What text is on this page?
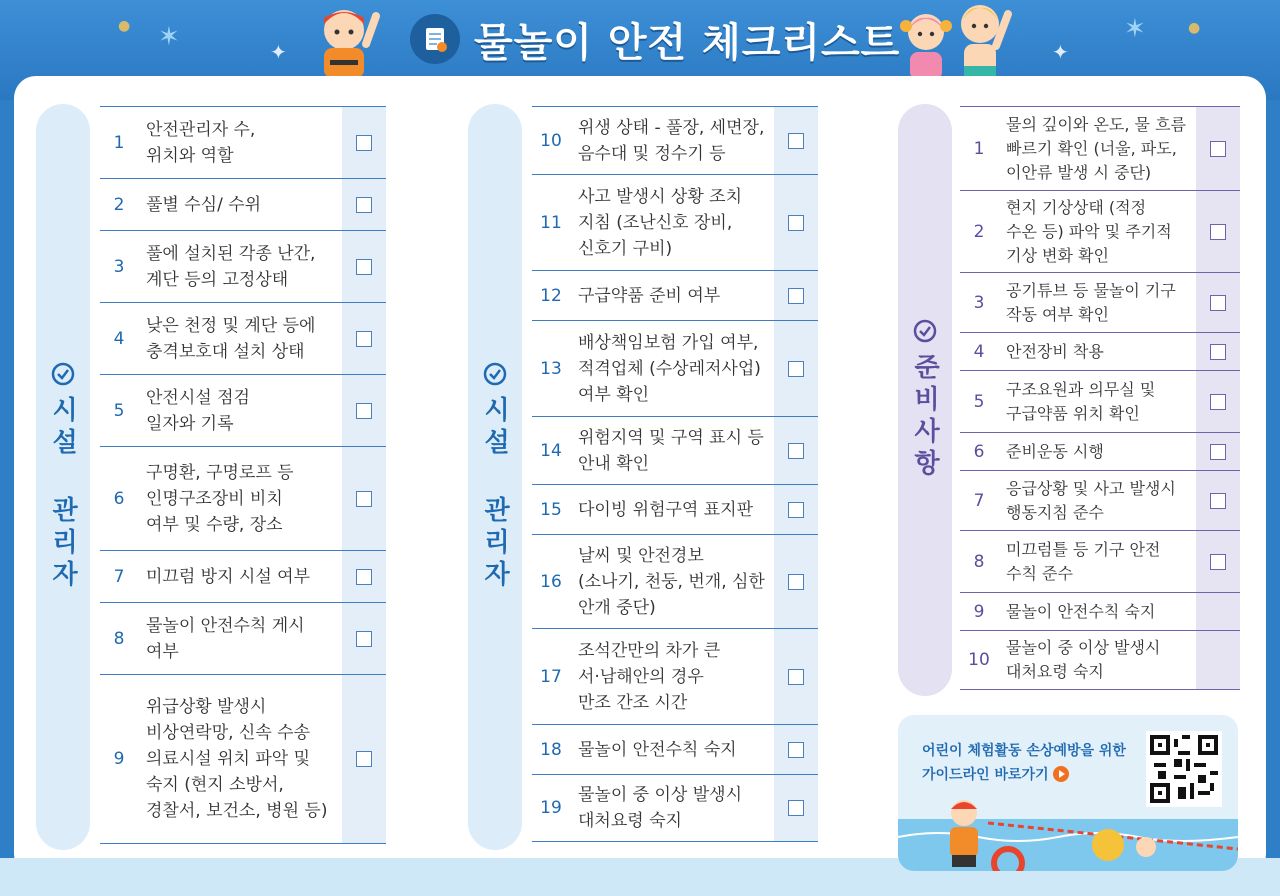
✶	✶
✦	✦
●	●
물놀이 안전 체크리스트
시설 관리자	시설 관리자	준비사항
1
안전관리자 수,
위치와 역할
2	풀별 수심/ 수위
3
풀에 설치된 각종 난간,
계단 등의 고정상태
4
낮은 천정 및 계단 등에
충격보호대 설치 상태
5
안전시설 점검
일자와 기록
6
구명환, 구명로프 등
인명구조장비 비치
여부 및 수량, 장소
7	미끄럼 방지 시설 여부
8
물놀이 안전수칙 게시
여부
9
위급상황 발생시
비상연락망, 신속 수송
의료시설 위치 파악 및
숙지 (현지 소방서,
경찰서, 보건소, 병원 등)
10
위생 상태 - 풀장, 세면장,
음수대 및 정수기 등
11
사고 발생시 상황 조치
지침 (조난신호 장비,
신호기 구비)
12 구급약품 준비 여부
13
배상책임보험 가입 여부,
적격업체 (수상레저사업)
여부 확인
14
위험지역 및 구역 표시 등
안내 확인
15 다이빙 위험구역 표지판
16
날씨 및 안전경보
(소나기, 천둥, 번개, 심한
안개 중단)
17
조석간만의 차가 큰
서·남해안의 경우
만조 간조 시간
18 물놀이 안전수칙 숙지
19
물놀이 중 이상 발생시
대처요령 숙지
1
물의 깊이와 온도, 물 흐름
빠르기 확인 (너울, 파도,
이안류 발생 시 중단)
2
현지 기상상태 (적정
수온 등) 파악 및 주기적
기상 변화 확인
3
공기튜브 등 물놀이 기구
작동 여부 확인
4	안전장비 착용
5
구조요원과 의무실 및
구급약품 위치 확인
6	준비운동 시행
7
응급상황 및 사고 발생시
행동지침 준수
8
미끄럼틀 등 기구 안전
수칙 준수
9	물놀이 안전수칙 숙지
10
물놀이 중 이상 발생시
대처요령 숙지
어린이 체험활동 손상예방을 위한
가이드라인 바로가기
